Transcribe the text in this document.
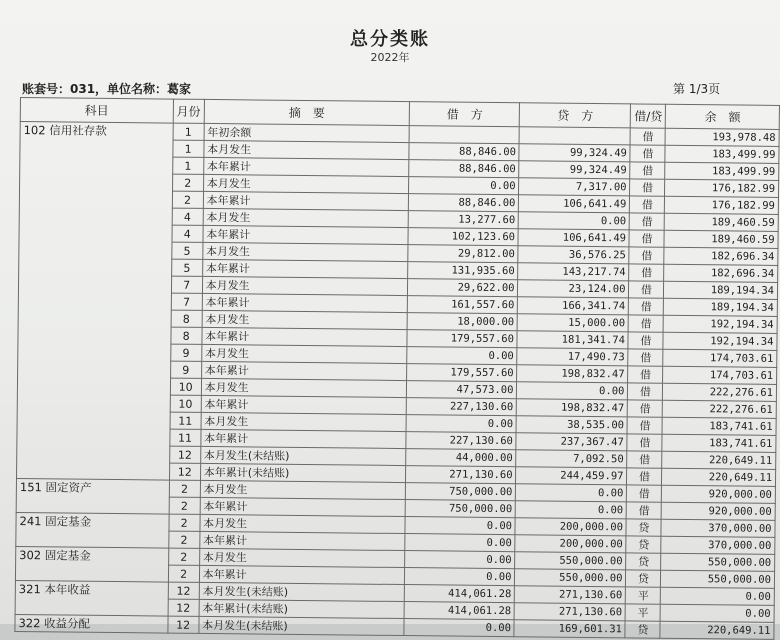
总分类账
2022年
账套号：031，单位名称：葛家	第 1/3页
科目	月份	摘　要	借　方	贷　方	借/贷	余　额
102 信用社存款	1	年初余额			借	193,978.48
	1	本月发生	88,846.00	99,324.49	借	183,499.99
	1	本年累计	88,846.00	99,324.49	借	183,499.99
	2	本月发生	0.00	7,317.00	借	176,182.99
	2	本年累计	88,846.00	106,641.49	借	176,182.99
	4	本月发生	13,277.60	0.00	借	189,460.59
	4	本年累计	102,123.60	106,641.49	借	189,460.59
	5	本月发生	29,812.00	36,576.25	借	182,696.34
	5	本年累计	131,935.60	143,217.74	借	182,696.34
	7	本月发生	29,622.00	23,124.00	借	189,194.34
	7	本年累计	161,557.60	166,341.74	借	189,194.34
	8	本月发生	18,000.00	15,000.00	借	192,194.34
	8	本年累计	179,557.60	181,341.74	借	192,194.34
	9	本月发生	0.00	17,490.73	借	174,703.61
	9	本年累计	179,557.60	198,832.47	借	174,703.61
	10	本月发生	47,573.00	0.00	借	222,276.61
	10	本年累计	227,130.60	198,832.47	借	222,276.61
	11	本月发生	0.00	38,535.00	借	183,741.61
	11	本年累计	227,130.60	237,367.47	借	183,741.61
	12	本月发生(未结账)	44,000.00	7,092.50	借	220,649.11
	12	本年累计(未结账)	271,130.60	244,459.97	借	220,649.11
151 固定资产	2	本月发生	750,000.00	0.00	借	920,000.00
	2	本年累计	750,000.00	0.00	借	920,000.00
241 固定基金	2	本月发生	0.00	200,000.00	贷	370,000.00
	2	本年累计	0.00	200,000.00	贷	370,000.00
302 固定基金	2	本月发生	0.00	550,000.00	贷	550,000.00
	2	本年累计	0.00	550,000.00	贷	550,000.00
321 本年收益	12	本月发生(未结账)	414,061.28	271,130.60	平	0.00
	12	本年累计(未结账)	414,061.28	271,130.60	平	0.00
322 收益分配	12	本月发生(未结账)	0.00	169,601.31	贷	220,649.11
